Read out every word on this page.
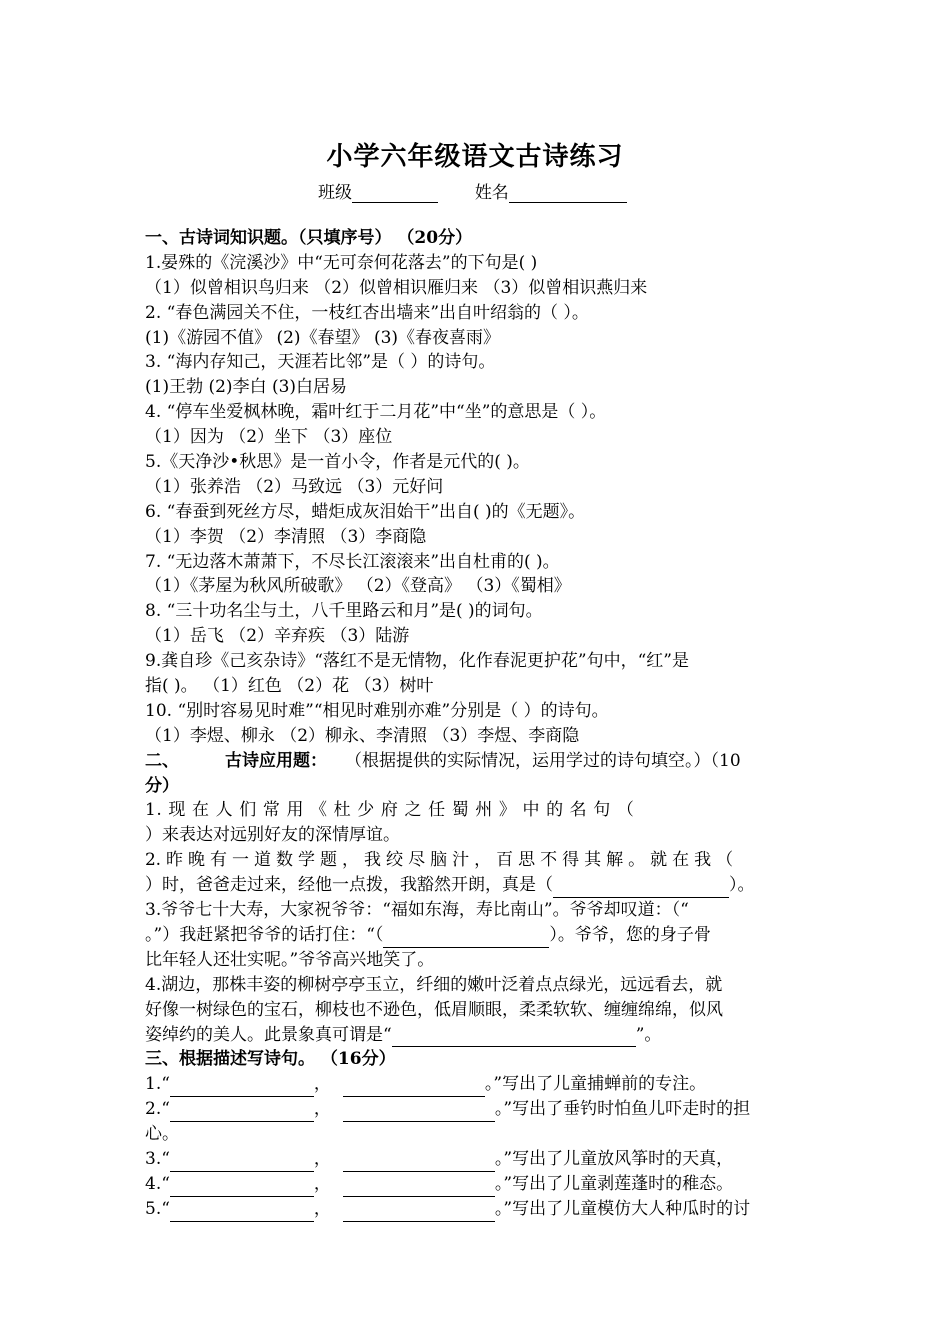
小学六年级语文古诗练习
班级	姓名
一、古诗词知识题。（只填序号） （20分）
1.晏殊的《浣溪沙》中“无可奈何花落去”的下句是( )
（1）似曾相识鸟归来 （2）似曾相识雁归来 （3）似曾相识燕归来
2. “春色满园关不住，一枝红杏出墙来”出自叶绍翁的（ ）。
(1)《游园不值》 (2)《春望》 (3)《春夜喜雨》
3. “海内存知己，天涯若比邻”是（ ）的诗句。
(1)王勃 (2)李白 (3)白居易
4. “停车坐爱枫林晚，霜叶红于二月花”中“坐”的意思是（ ）。
（1）因为 （2）坐下 （3）座位
5.《天净沙•秋思》是一首小令，作者是元代的( )。
（1）张养浩 （2）马致远 （3）元好问
6. “春蚕到死丝方尽，蜡炬成灰泪始干”出自( )的《无题》。
（1）李贺 （2）李清照 （3）李商隐
7. “无边落木萧萧下，不尽长江滚滚来”出自杜甫的( )。
（1）《茅屋为秋风所破歌》 （2）《登高》 （3）《蜀相》
8. “三十功名尘与土，八千里路云和月”是( )的词句。
（1）岳飞 （2）辛弃疾 （3）陆游
9.龚自珍《己亥杂诗》“落红不是无情物，化作春泥更护花”句中，“红”是
指( )。 （1）红色 （2）花 （3）树叶
10. “别时容易见时难”“相见时难别亦难”分别是（ ）的诗句。
（1）李煜、柳永 （2）柳永、李清照 （3）李煜、李商隐
二、	古诗应用题： （根据提供的实际情况，运用学过的诗句填空。）（10
分）
1. 现 在 人 们 常 用 《 杜 少 府 之 任 蜀 州 》 中 的 名 句 （
）来表达对远别好友的深情厚谊。
2. 昨 晚 有 一 道 数 学 题 ， 我 绞 尽 脑 汁 ， 百 思 不 得 其 解 。 就 在 我 （
）时，爸爸走过来，经他一点拨，我豁然开朗，真是（	）。
3.爷爷七十大寿，大家祝爷爷：“福如东海，寿比南山”。爷爷却叹道：（“
。”）我赶紧把爷爷的话打住：“（	）。爷爷，您的身子骨
比年轻人还壮实呢。”爷爷高兴地笑了。
4.湖边，那株丰姿的柳树亭亭玉立，纤细的嫩叶泛着点点绿光，远远看去，就
好像一树绿色的宝石，柳枝也不逊色，低眉顺眼，柔柔软软、缠缠绵绵，似风
姿绰约的美人。此景象真可谓是“	”。
三、根据描述写诗句。 （16分）
1.“	，	。”写出了儿童捕蝉前的专注。
2.“	，	。”写出了垂钓时怕鱼儿吓走时的担
心。
3.“	，	。”写出了儿童放风筝时的天真，
4.“	，	。”写出了儿童剥莲蓬时的稚态。
5.“	，	。”写出了儿童模仿大人种瓜时的讨
